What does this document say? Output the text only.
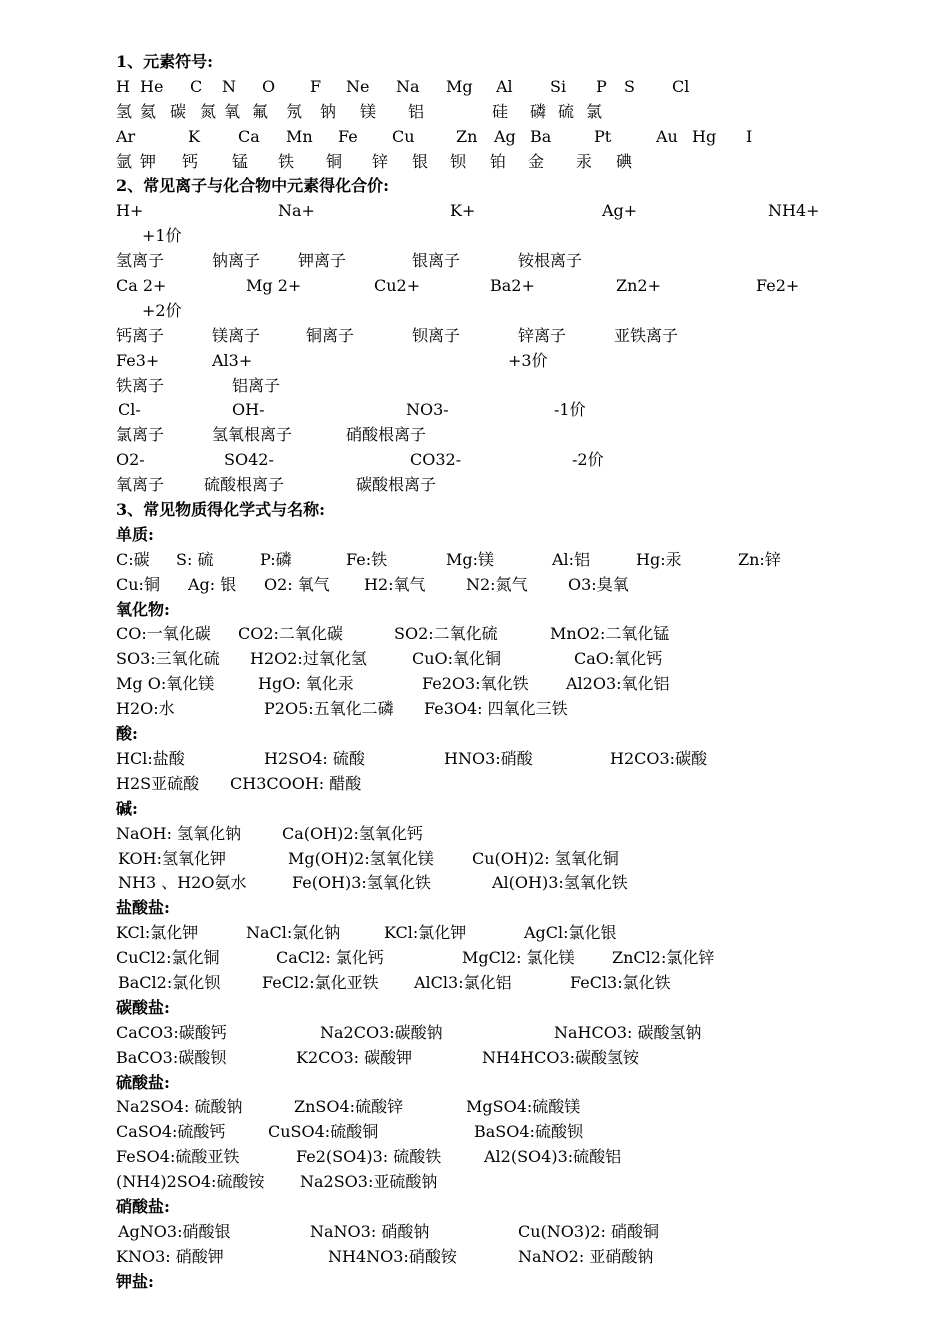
1、元素符号:
H He C N O F Ne Na Mg Al Si P S Cl
氢 氦 碳 氮 氧 氟 氖 钠 镁 铝	硅 磷 硫 氯
Ar	K Ca Mn Fe Cu	Zn Ag Ba	Pt	Au Hg I
氩 钾 钙 锰 铁 铜 锌 银 钡 铂 金 汞 碘
2、常见离子与化合物中元素得化合价:
H+	Na+	K+	Ag+	NH4+
+1价
氢离子	钠离子 钾离子	银离子	铵根离子
Ca 2+	Mg 2+	Cu2+	Ba2+	Zn2+	Fe2+
+2价
钙离子	镁离子	铜离子	钡离子	锌离子	亚铁离子
Fe3+	Al3+	+3价
铁离子	铝离子
Cl-	OH-	NO3-	-1价
氯离子	氢氧根离子	硝酸根离子
O2-	SO42-	CO32-	-2价
氧离子 硫酸根离子	碳酸根离子
3、常见物质得化学式与名称:
单质:
C:碳 S: 硫	P:磷	Fe:铁	Mg:镁	Al:铝	Hg:汞	Zn:锌
Cu:铜 Ag: 银 O2: 氧气 H2:氧气	N2:氮气	O3:臭氧
氧化物:
CO:一氧化碳 CO2:二氧化碳	SO2:二氧化硫	MnO2:二氧化锰
SO3:三氧化硫 H2O2:过氧化氢	CuO:氧化铜	CaO:氧化钙
Mg O:氧化镁	HgO: 氧化汞	Fe2O3:氧化铁 Al2O3:氧化铝
H2O:水	P2O5:五氧化二磷 Fe3O4: 四氧化三铁
酸:
HCl:盐酸	H2SO4: 硫酸	HNO3:硝酸	H2CO3:碳酸
H2S亚硫酸 CH3COOH: 醋酸
碱:
NaOH: 氢氧化钠	Ca(OH)2:氢氧化钙
KOH:氢氧化钾	Mg(OH)2:氢氧化镁 Cu(OH)2: 氢氧化铜
NH3 、H2O氨水	Fe(OH)3:氢氧化铁	Al(OH)3:氢氧化铁
盐酸盐:
KCl:氯化钾	NaCl:氯化钠	KCl:氯化钾	AgCl:氯化银
CuCl2:氯化铜	CaCl2: 氯化钙	MgCl2: 氯化镁 ZnCl2:氯化锌
BaCl2:氯化钡	FeCl2:氯化亚铁 AlCl3:氯化铝	FeCl3:氯化铁
碳酸盐:
CaCO3:碳酸钙	Na2CO3:碳酸钠	NaHCO3: 碳酸氢钠
BaCO3:碳酸钡	K2CO3: 碳酸钾	NH4HCO3:碳酸氢铵
硫酸盐:
Na2SO4: 硫酸钠	ZnSO4:硫酸锌	MgSO4:硫酸镁
CaSO4:硫酸钙	CuSO4:硫酸铜	BaSO4:硫酸钡
FeSO4:硫酸亚铁	Fe2(SO4)3: 硫酸铁	Al2(SO4)3:硫酸铝
(NH4)2SO4:硫酸铵 Na2SO3:亚硫酸钠
硝酸盐:
AgNO3:硝酸银	NaNO3: 硝酸钠	Cu(NO3)2: 硝酸铜
KNO3: 硝酸钾	NH4NO3:硝酸铵	NaNO2: 亚硝酸钠
钾盐:
